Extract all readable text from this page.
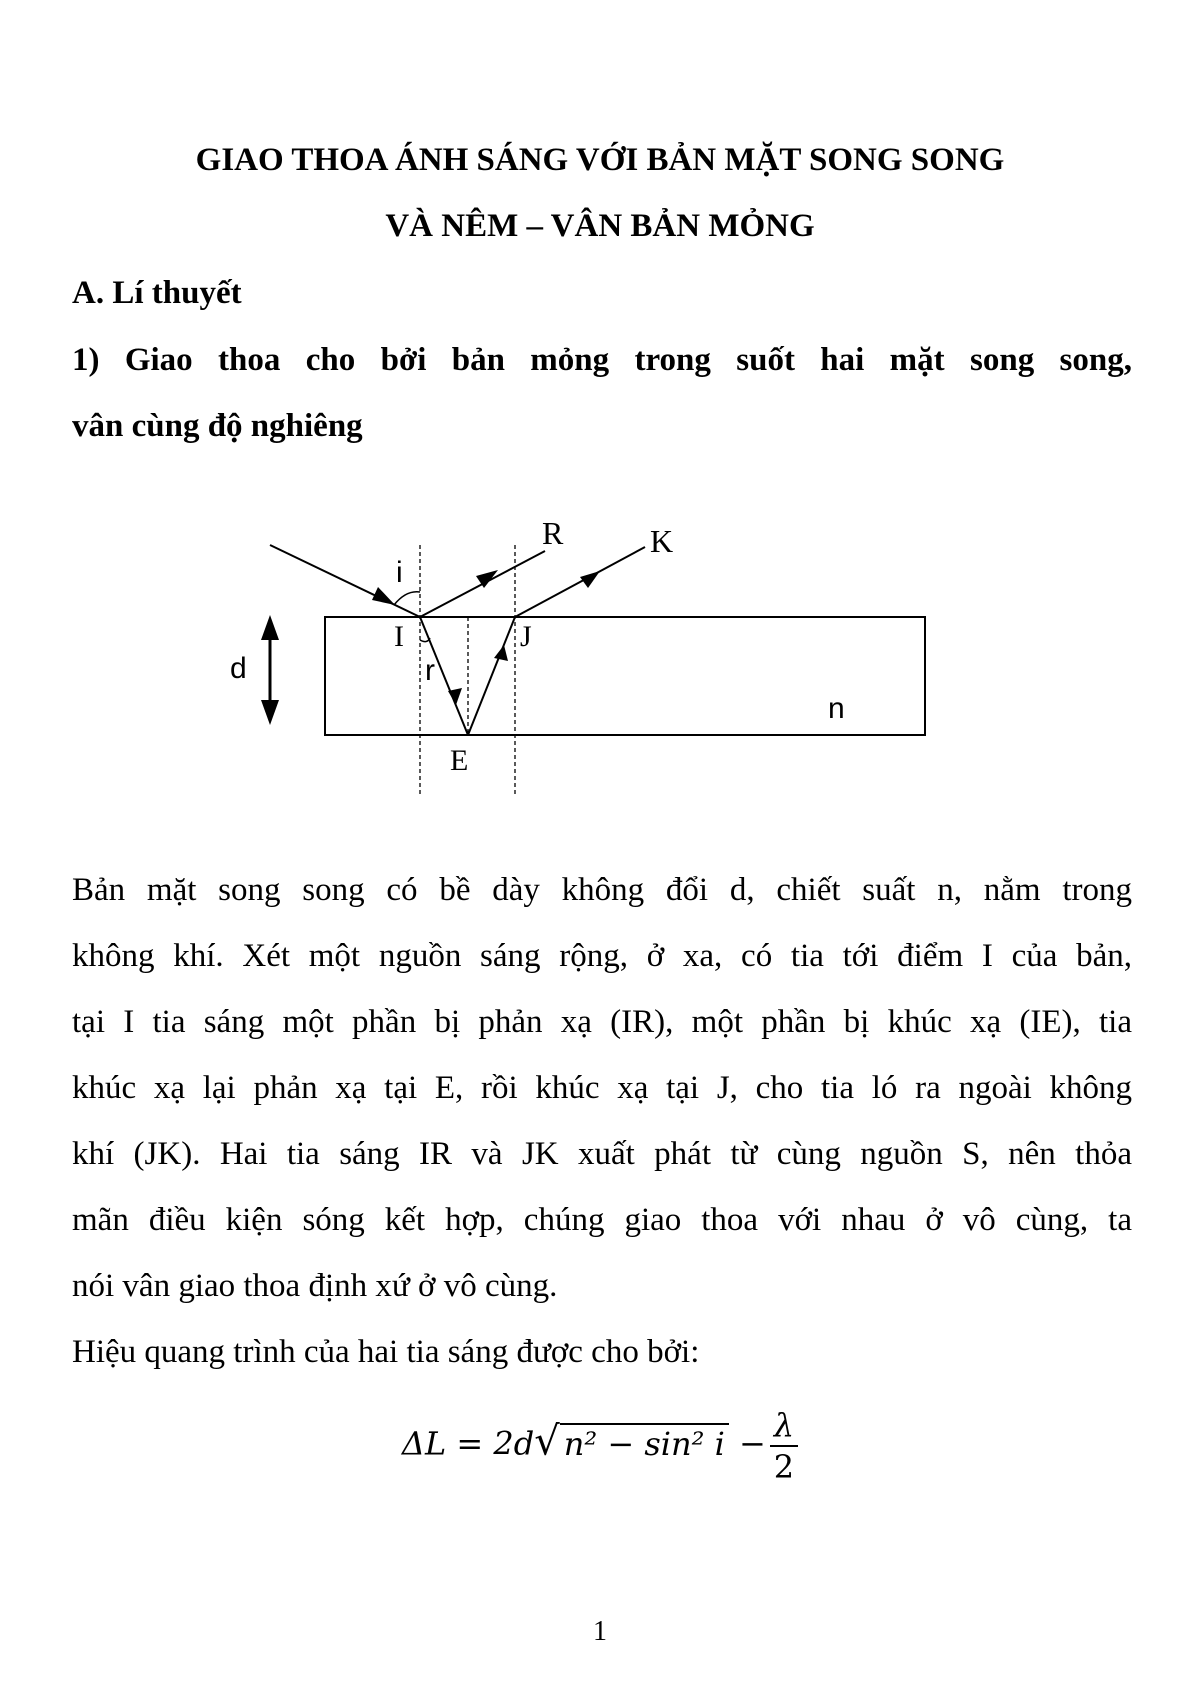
GIAO THOA ÁNH SÁNG VỚI BẢN MẶT SONG SONG
VÀ NÊM – VÂN BẢN MỎNG
A. Lí thuyết
1) Giao thoa cho bởi bản mỏng trong suốt hai mặt song song,
vân cùng độ nghiêng
i
R	K
d
I	J
r
n
E
Bản mặt song song có bề dày không đổi d, chiết suất n, nằm trong
không khí. Xét một nguồn sáng rộng, ở xa, có tia tới điểm I của bản,
tại I tia sáng một phần bị phản xạ (IR), một phần bị khúc xạ (IE), tia
khúc xạ lại phản xạ tại E, rồi khúc xạ tại J, cho tia ló ra ngoài không
khí (JK). Hai tia sáng IR và JK xuất phát từ cùng nguồn S, nên thỏa
mãn điều kiện sóng kết hợp, chúng giao thoa với nhau ở vô cùng, ta
nói vân giao thoa định xứ ở vô cùng.
Hiệu quang trình của hai tia sáng được cho bởi:
ΔL = 2d√ n² − sin² $i - \frac{\lambda}{2}$
1
